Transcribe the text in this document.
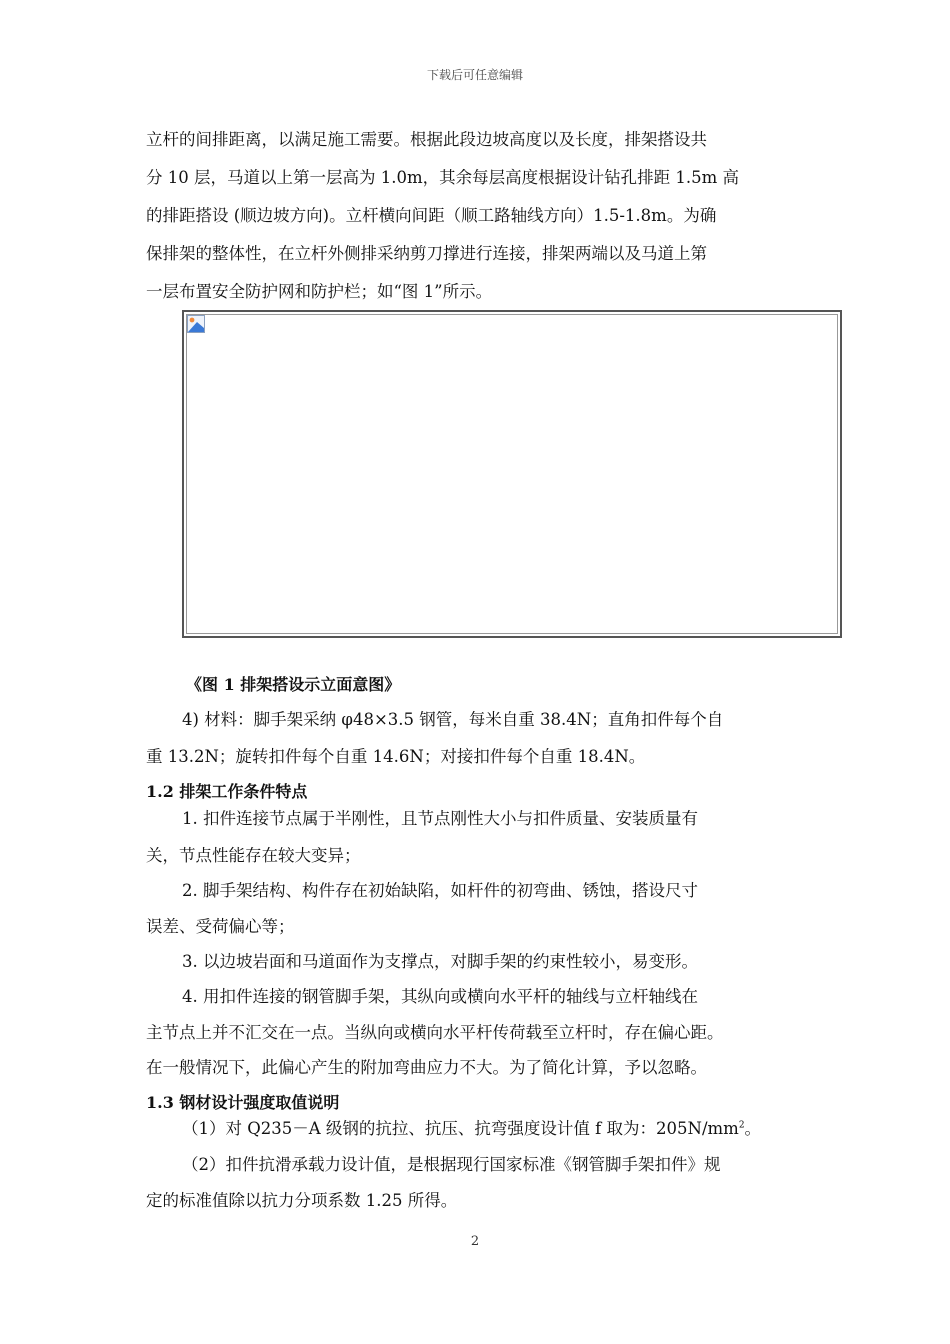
下载后可任意编辑
立杆的间排距离，以满足施工需要。根据此段边坡高度以及长度，排架搭设共
分 10 层，马道以上第一层高为 1.0m，其余每层高度根据设计钻孔排距 1.5m 高
的排距搭设 (顺边坡方向)。立杆横向间距（顺工路轴线方向）1.5-1.8m。为确
保排架的整体性，在立杆外侧排采纳剪刀撑进行连接，排架两端以及马道上第
一层布置安全防护网和防护栏；如“图 1”所示。
《图 1 排架搭设示立面意图》
4) 材料：脚手架采纳 φ48×3.5 钢管，每米自重 38.4N；直角扣件每个自
重 13.2N；旋转扣件每个自重 14.6N；对接扣件每个自重 18.4N。
1.2 排架工作条件特点
1. 扣件连接节点属于半刚性，且节点刚性大小与扣件质量、安装质量有
关，节点性能存在较大变异；
2. 脚手架结构、构件存在初始缺陷，如杆件的初弯曲、锈蚀，搭设尺寸
误差、受荷偏心等；
3. 以边坡岩面和马道面作为支撑点，对脚手架的约束性较小，易变形。
4. 用扣件连接的钢管脚手架，其纵向或横向水平杆的轴线与立杆轴线在
主节点上并不汇交在一点。当纵向或横向水平杆传荷载至立杆时，存在偏心距。
在一般情况下，此偏心产生的附加弯曲应力不大。为了简化计算，予以忽略。
1.3 钢材设计强度取值说明
（1）对 Q235－A 级钢的抗拉、抗压、抗弯强度设计值 f 取为：$205N/mm^2$。
（2）扣件抗滑承载力设计值，是根据现行国家标准《钢管脚手架扣件》规
定的标准值除以抗力分项系数 1.25 所得。
2
